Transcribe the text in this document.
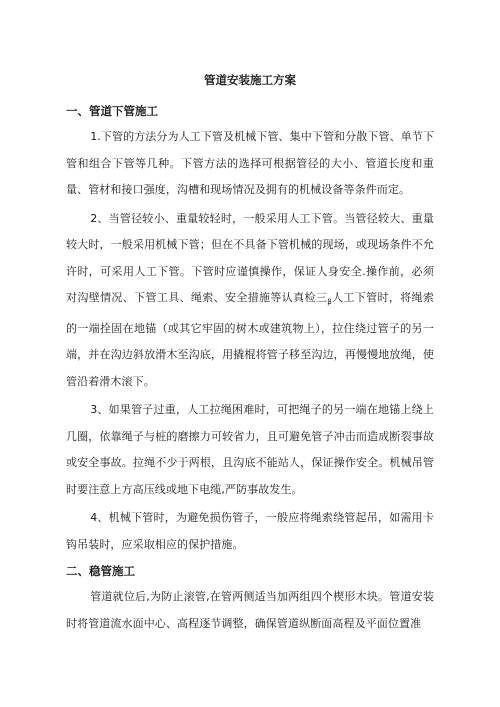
管道安装施工方案
一、管道下管施工

1.下管的方法分为人工下管及机械下管、集中下管和分散下管、单节下管和组合下管等几种。下管方法的选择可根据管径的大小、管道长度和重量、管材和接口强度，沟槽和现场情况及拥有的机械设备等条件而定。

2、当管径较小、重量较轻时，一般采用人工下管。当管径较大、重量较大时，一般采用机械下管；但在不具备下管机械的现场，或现场条件不允许时，可采用人工下管。下管时应谨慎操作，保证人身安全.操作前，必须对沟壁情况、下管工具、绳索、安全措施等认真检三$_\beta$人工下管时，将绳索的一端拴固在地锚（或其它牢固的树木或建筑物上），拉住绕过管子的另一端，并在沟边斜放滑木至沟底，用撬棍将管子移至沟边，再慢慢地放绳，使管沿着滑木滚下。

3、如果管子过重，人工拉绳困难时，可把绳子的另一端在地锚上绕上几圈，依靠绳子与桩的磨擦力可较省力，且可避免管子冲击而造成断裂事故或安全事故。拉绳不少于两根，且沟底不能站人，保证操作安全。机械吊管时要注意上方高压线或地下电缆,严防事故发生。

4、机械下管时，为避免损伤管子，一般应将绳索绕管起吊，如需用卡钩吊装时，应采取相应的保护措施。

二、稳管施工

管道就位后,为防止滚管,在管两侧适当加两组四个楔形木块。管道安装时将管道流水面中心、高程逐节调整，确保管道纵断面高程及平面位置准
